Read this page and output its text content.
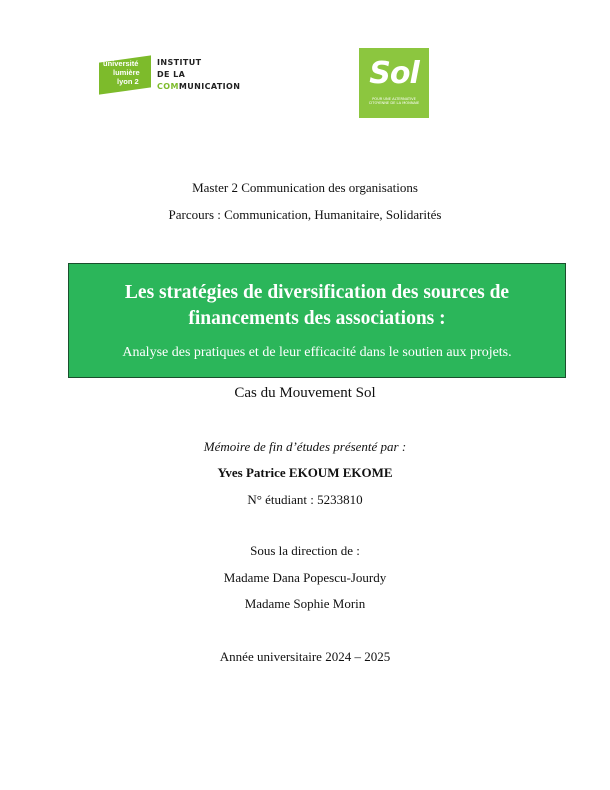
université
lumière
lyon 2
INSTITUT
DE LA
COMMUNICATION	Sol
POUR UNE ALTERNATIVE CITOYENNE DE LA MONNAIE
Master 2 Communication des organisations
Parcours : Communication, Humanitaire, Solidarités
Les stratégies de diversification des sources de financements des associations :
Analyse des pratiques et de leur efficacité dans le soutien aux projets.
Cas du Mouvement Sol
Mémoire de fin d’études présenté par :
Yves Patrice EKOUM EKOME
N° étudiant : 5233810
Sous la direction de :
Madame Dana Popescu-Jourdy
Madame Sophie Morin
Année universitaire 2024 – 2025
